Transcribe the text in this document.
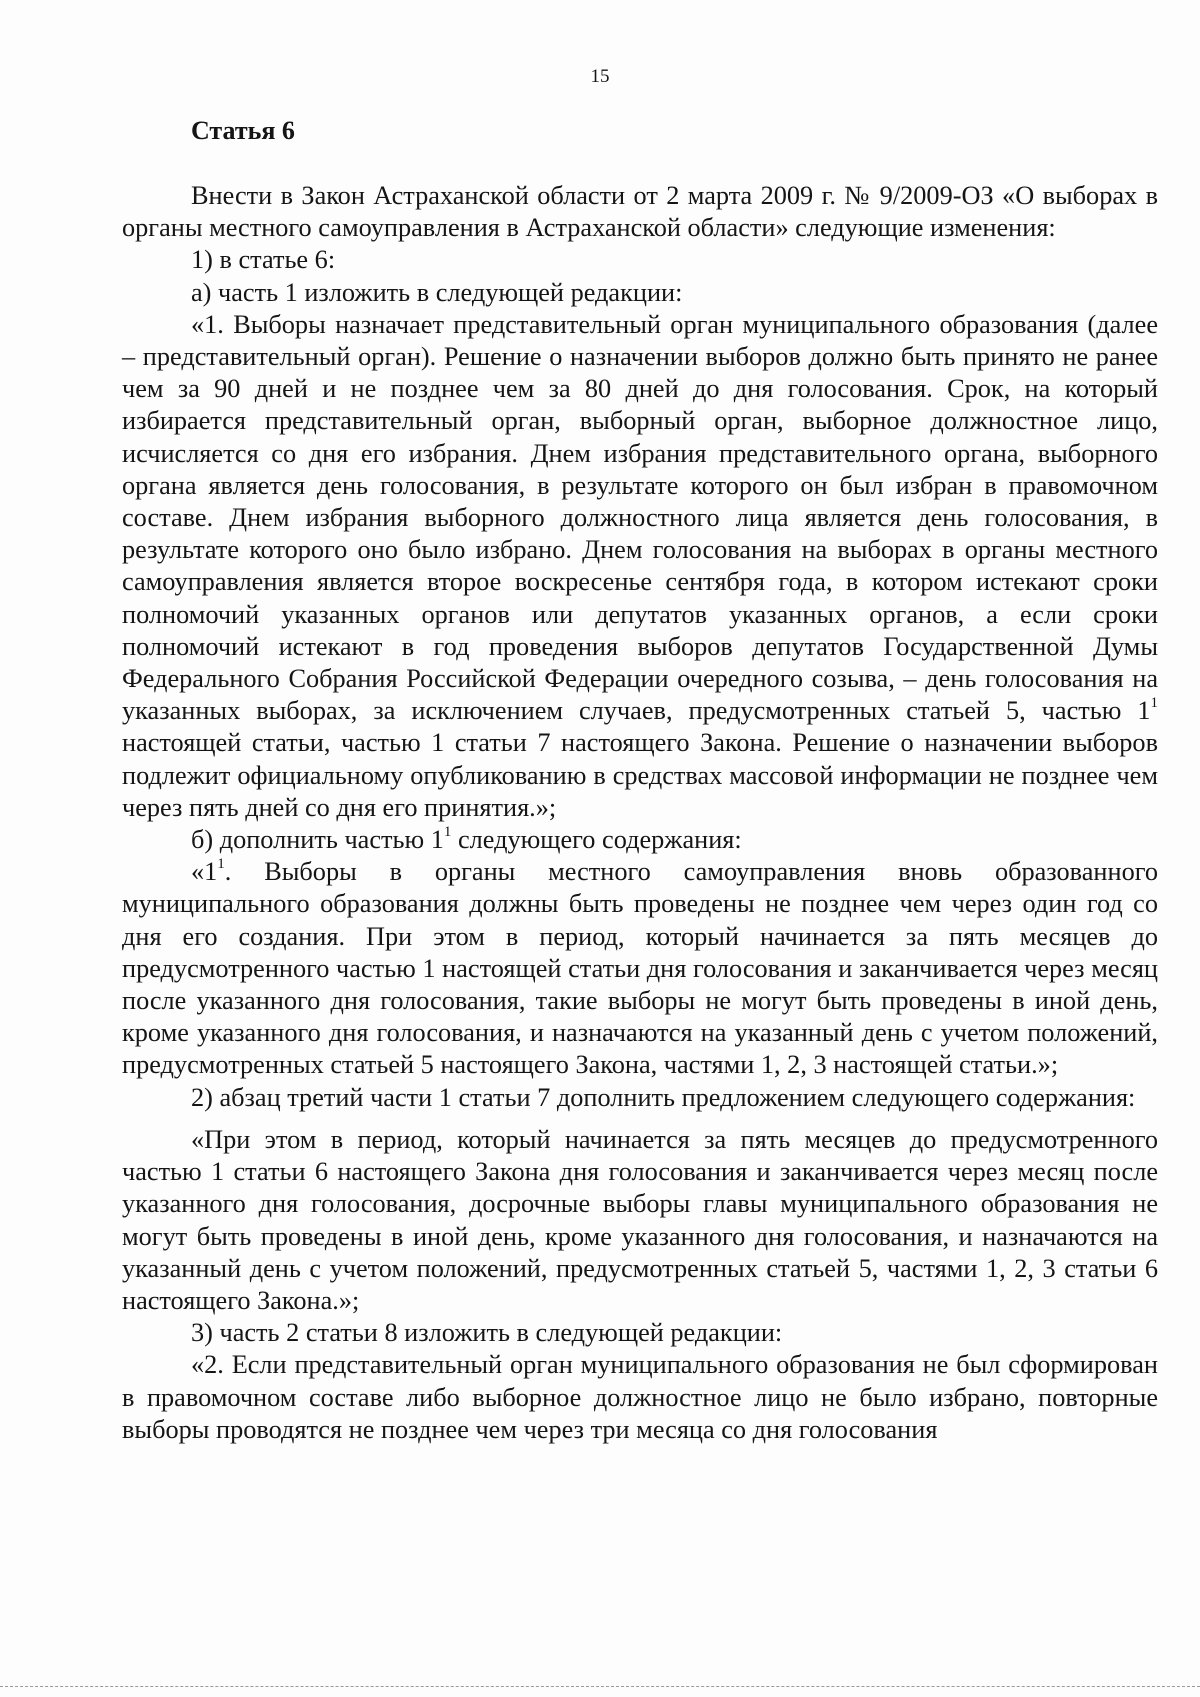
15
Статья 6

Внести в Закон Астраханской области от 2 марта 2009 г. № 9/2009-ОЗ «О выборах в органы местного самоуправления в Астраханской области» следующие изменения:

1) в статье 6:

а) часть 1 изложить в следующей редакции:

«1. Выборы назначает представительный орган муниципального образования (далее – представительный орган). Решение о назначении выборов должно быть принято не ранее чем за 90 дней и не позднее чем за 80 дней до дня голосования. Срок, на который избирается представительный орган, выборный орган, выборное должностное лицо, исчисляется со дня его избрания. Днем избрания представительного органа, выборного органа является день голосования, в результате которого он был избран в правомочном составе. Днем избрания выборного должностного лица является день голосования, в результате которого оно было избрано. Днем голосования на выборах в органы местного самоуправления является второе воскресенье сентября года, в котором истекают сроки полномочий указанных органов или депутатов указанных органов, а если сроки полномочий истекают в год проведения выборов депутатов Государственной Думы Федерального Собрания Российской Федерации очередного созыва, – день голосования на указанных выборах, за исключением случаев, предусмотренных статьей 5, частью $1^1$ настоящей статьи, частью 1 статьи 7 настоящего Закона. Решение о назначении выборов подлежит официальному опубликованию в средствах массовой информации не позднее чем через пять дней со дня его принятия.»;

б) дополнить частью $1^1$ следующего содержания:

«$1^1$. Выборы в органы местного самоуправления вновь образованного муниципального образования должны быть проведены не позднее чем через один год со дня его создания. При этом в период, который начинается за пять месяцев до предусмотренного частью 1 настоящей статьи дня голосования и заканчивается через месяц после указанного дня голосования, такие выборы не могут быть проведены в иной день, кроме указанного дня голосования, и назначаются на указанный день с учетом положений, предусмотренных статьей 5 настоящего Закона, частями 1, 2, 3 настоящей статьи.»;

2) абзац третий части 1 статьи 7 дополнить предложением следующего содержания:

«При этом в период, который начинается за пять месяцев до предусмотренного частью 1 статьи 6 настоящего Закона дня голосования и заканчивается через месяц после указанного дня голосования, досрочные выборы главы муниципального образования не могут быть проведены в иной день, кроме указанного дня голосования, и назначаются на указанный день с учетом положений, предусмотренных статьей 5, частями 1, 2, 3 статьи 6 настоящего Закона.»;

3) часть 2 статьи 8 изложить в следующей редакции:

«2. Если представительный орган муниципального образования не был сформирован в правомочном составе либо выборное должностное лицо не было избрано, повторные выборы проводятся не позднее чем через три месяца со дня голосования
